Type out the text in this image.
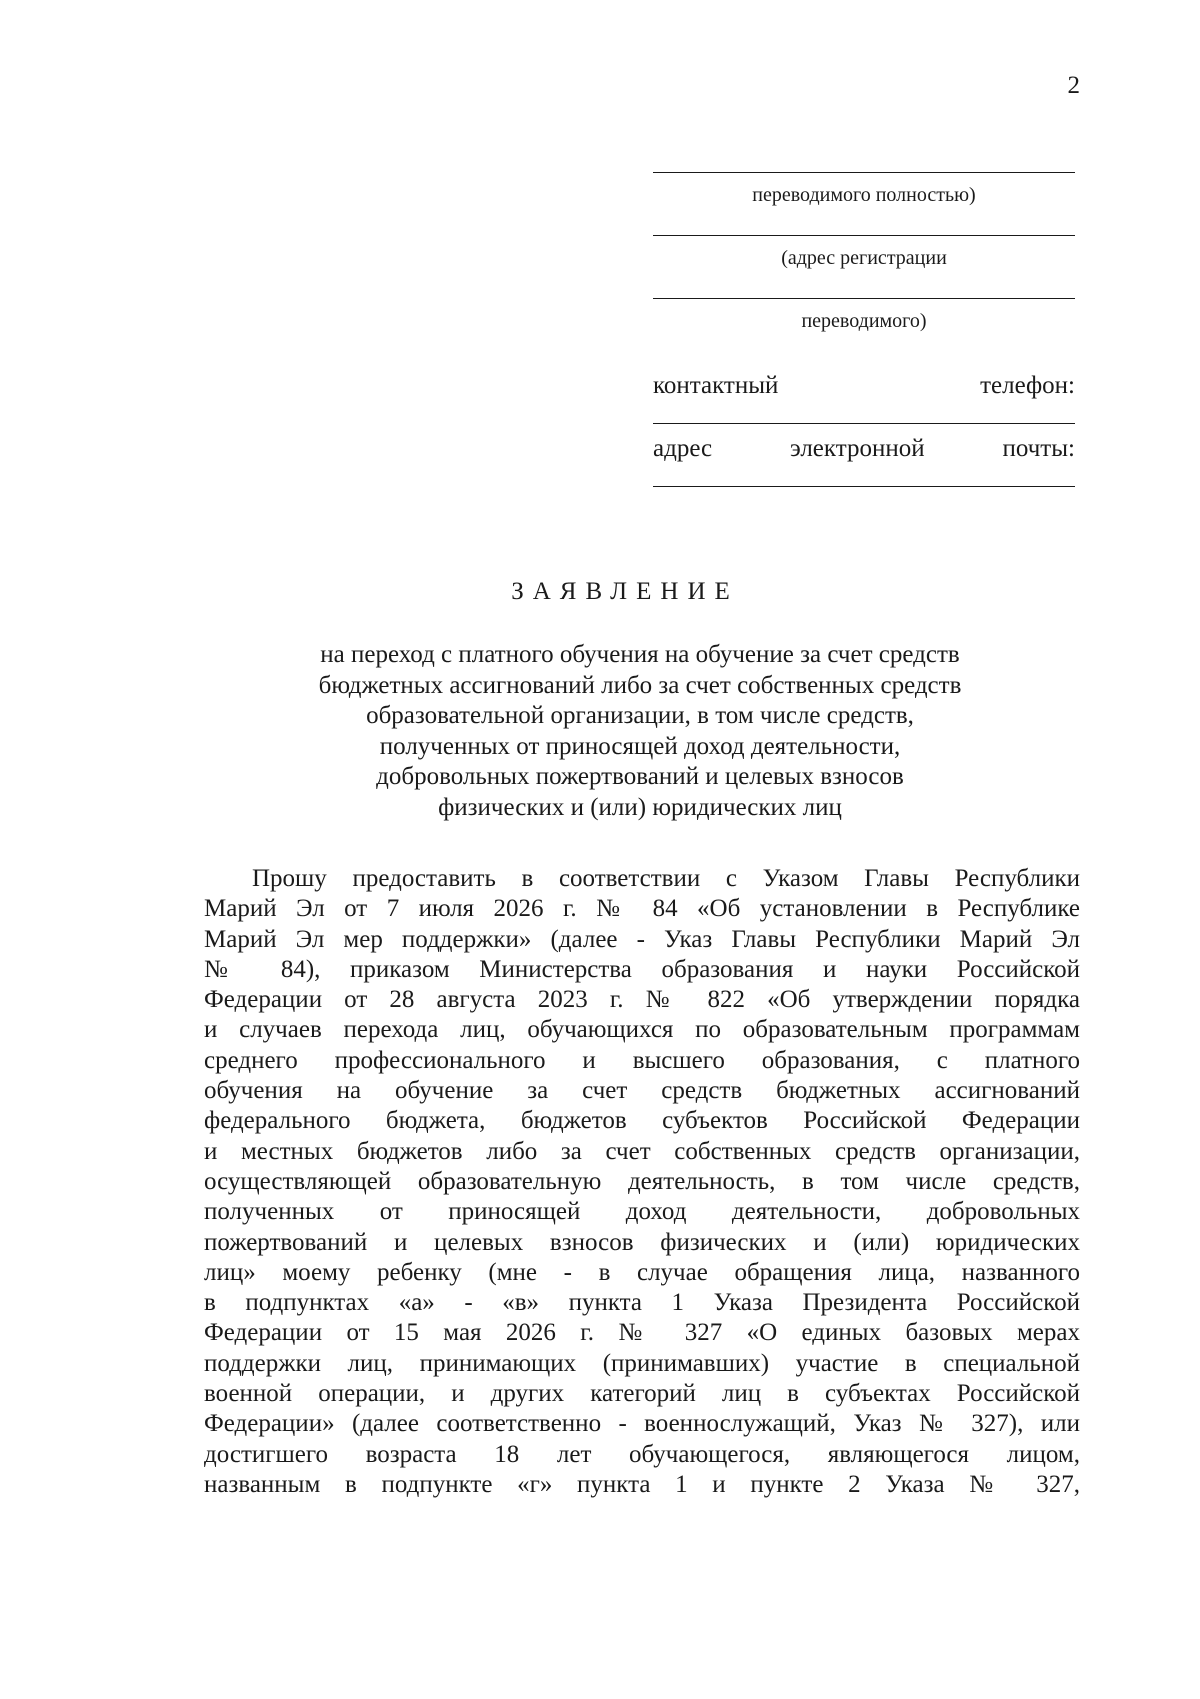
2
переводимого полностью)
(адрес регистрации
переводимого)
контактный	телефон:
адрес	электронной	почты:
ЗАЯВЛЕНИЕ
на переход с платного обучения на обучение за счет средств
бюджетных ассигнований либо за счет собственных средств
образовательной организации, в том числе средств,
полученных от приносящей доход деятельности,
добровольных пожертвований и целевых взносов
физических и (или) юридических лиц
Прошу предоставить в соответствии с Указом Главы Республики
Марий Эл от 7 июля 2026 г. № 84 «Об установлении в Республике
Марий Эл мер поддержки» (далее - Указ Главы Республики Марий Эл
№ 84), приказом Министерства образования и науки Российской
Федерации от 28 августа 2023 г. № 822 «Об утверждении порядка
и случаев перехода лиц, обучающихся по образовательным программам
среднего профессионального и высшего образования, с платного
обучения на обучение за счет средств бюджетных ассигнований
федерального бюджета, бюджетов субъектов Российской Федерации
и местных бюджетов либо за счет собственных средств организации,
осуществляющей образовательную деятельность, в том числе средств,
полученных от приносящей доход деятельности, добровольных
пожертвований и целевых взносов физических и (или) юридических
лиц» моему ребенку (мне - в случае обращения лица, названного
в подпунктах «а» - «в» пункта 1 Указа Президента Российской
Федерации от 15 мая 2026 г. № 327 «О единых базовых мерах
поддержки лиц, принимающих (принимавших) участие в специальной
военной операции, и других категорий лиц в субъектах Российской
Федерации» (далее соответственно - военнослужащий, Указ № 327), или
достигшего возраста 18 лет обучающегося, являющегося лицом,
названным в подпункте «г» пункта 1 и пункте 2 Указа № 327,
